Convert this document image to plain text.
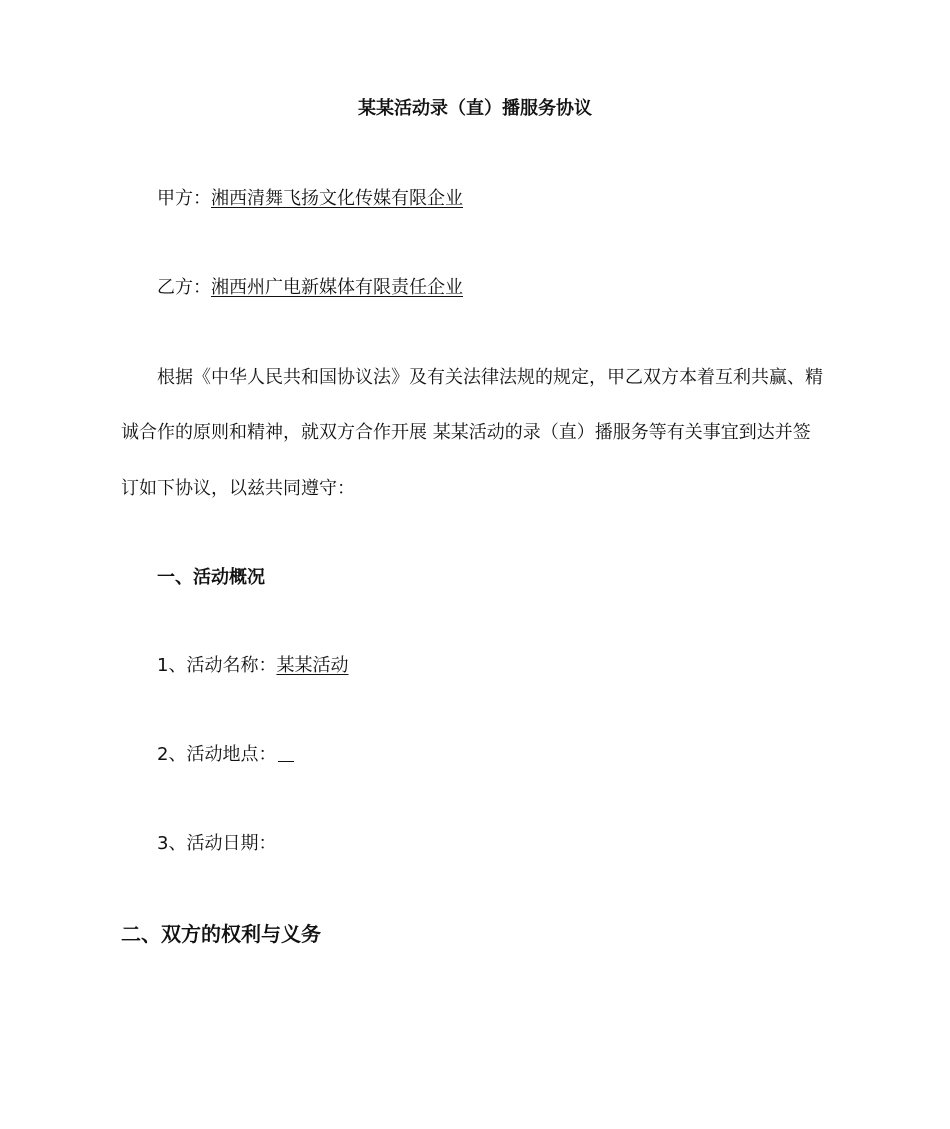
某某活动录（直）播服务协议
甲方：湘西清舞飞扬文化传媒有限企业
乙方：湘西州广电新媒体有限责任企业
根据《中华人民共和国协议法》及有关法律法规的规定，甲乙双方本着互利共赢、精
诚合作的原则和精神，就双方合作开展 某某活动的录（直）播服务等有关事宜到达并签
订如下协议，以兹共同遵守：
一、活动概况
1、活动名称：某某活动
2、活动地点：
3、活动日期：
二、双方的权利与义务
